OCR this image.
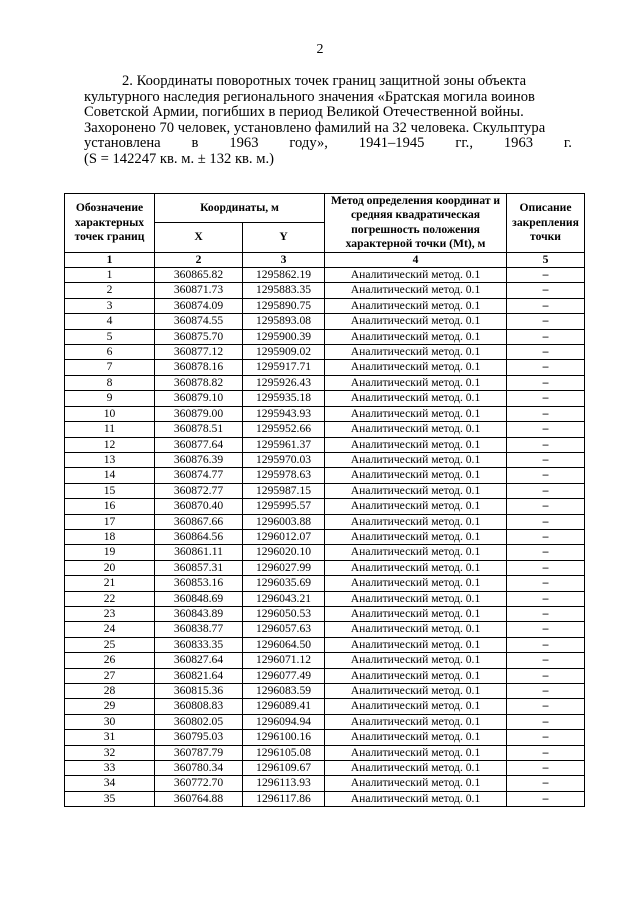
2
2. Координаты поворотных точек границ защитной зоны объекта
культурного наследия регионального значения «Братская могила воинов
Советской Армии, погибших в период Великой Отечественной войны.
Захоронено 70 человек, установлено фамилий на 32 человека. Скульптура
установлена в 1963 году», 1941–1945 гг., 1963 г.
(S = 142247 кв. м. ± 132 кв. м.)
Обозначение характерных точек границ	Координаты, м		Метод определения координат и средняя квадратическая погрешность положения характерной точки (Mt), м	Описание закрепления точки
	X	Y		
1	2	3	4	5
1	360865.82	1295862.19	Аналитический метод. 0.1	–
2	360871.73	1295883.35	Аналитический метод. 0.1	–
3	360874.09	1295890.75	Аналитический метод. 0.1	–
4	360874.55	1295893.08	Аналитический метод. 0.1	–
5	360875.70	1295900.39	Аналитический метод. 0.1	–
6	360877.12	1295909.02	Аналитический метод. 0.1	–
7	360878.16	1295917.71	Аналитический метод. 0.1	–
8	360878.82	1295926.43	Аналитический метод. 0.1	–
9	360879.10	1295935.18	Аналитический метод. 0.1	–
10	360879.00	1295943.93	Аналитический метод. 0.1	–
11	360878.51	1295952.66	Аналитический метод. 0.1	–
12	360877.64	1295961.37	Аналитический метод. 0.1	–
13	360876.39	1295970.03	Аналитический метод. 0.1	–
14	360874.77	1295978.63	Аналитический метод. 0.1	–
15	360872.77	1295987.15	Аналитический метод. 0.1	–
16	360870.40	1295995.57	Аналитический метод. 0.1	–
17	360867.66	1296003.88	Аналитический метод. 0.1	–
18	360864.56	1296012.07	Аналитический метод. 0.1	–
19	360861.11	1296020.10	Аналитический метод. 0.1	–
20	360857.31	1296027.99	Аналитический метод. 0.1	–
21	360853.16	1296035.69	Аналитический метод. 0.1	–
22	360848.69	1296043.21	Аналитический метод. 0.1	–
23	360843.89	1296050.53	Аналитический метод. 0.1	–
24	360838.77	1296057.63	Аналитический метод. 0.1	–
25	360833.35	1296064.50	Аналитический метод. 0.1	–
26	360827.64	1296071.12	Аналитический метод. 0.1	–
27	360821.64	1296077.49	Аналитический метод. 0.1	–
28	360815.36	1296083.59	Аналитический метод. 0.1	–
29	360808.83	1296089.41	Аналитический метод. 0.1	–
30	360802.05	1296094.94	Аналитический метод. 0.1	–
31	360795.03	1296100.16	Аналитический метод. 0.1	–
32	360787.79	1296105.08	Аналитический метод. 0.1	–
33	360780.34	1296109.67	Аналитический метод. 0.1	–
34	360772.70	1296113.93	Аналитический метод. 0.1	–
35	360764.88	1296117.86	Аналитический метод. 0.1	–
